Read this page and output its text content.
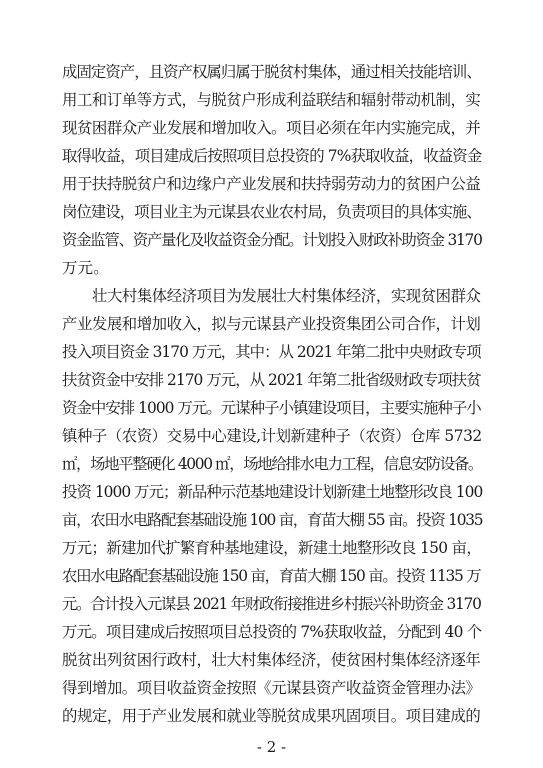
成固定资产，且资产权属归属于脱贫村集体，通过相关技能培训、
用工和订单等方式，与脱贫户形成利益联结和辐射带动机制，实
现贫困群众产业发展和增加收入。项目必须在年内实施完成，并
取得收益，项目建成后按照项目总投资的 7%获取收益，收益资金
用于扶持脱贫户和边缘户产业发展和扶持弱劳动力的贫困户公益
岗位建设，项目业主为元谋县农业农村局，负责项目的具体实施、
资金监管、资产量化及收益资金分配。计划投入财政补助资金 3170
万元。
壮大村集体经济项目为发展壮大村集体经济，实现贫困群众
产业发展和增加收入，拟与元谋县产业投资集团公司合作，计划
投入项目资金 3170 万元，其中：从 2021 年第二批中央财政专项
扶贫资金中安排 2170 万元，从 2021 年第二批省级财政专项扶贫
资金中安排 1000 万元。元谋种子小镇建设项目，主要实施种子小
镇种子（农资）交易中心建设,计划新建种子（农资）仓库 5732
㎡，场地平整硬化 4000 ㎡，场地给排水电力工程，信息安防设备。
投资 1000 万元；新品种示范基地建设计划新建土地整形改良 100
亩，农田水电路配套基础设施 100 亩，育苗大棚 55 亩。投资 1035
万元；新建加代扩繁育种基地建设，新建土地整形改良 150 亩，
农田水电路配套基础设施 150 亩，育苗大棚 150 亩。投资 1135 万
元。合计投入元谋县 2021 年财政衔接推进乡村振兴补助资金 3170
万元。项目建成后按照项目总投资的 7%获取收益，分配到 40 个
脱贫出列贫困行政村，壮大村集体经济，使贫困村集体经济逐年
得到增加。项目收益资金按照《元谋县资产收益资金管理办法》
的规定，用于产业发展和就业等脱贫成果巩固项目。项目建成的
- 2 -
